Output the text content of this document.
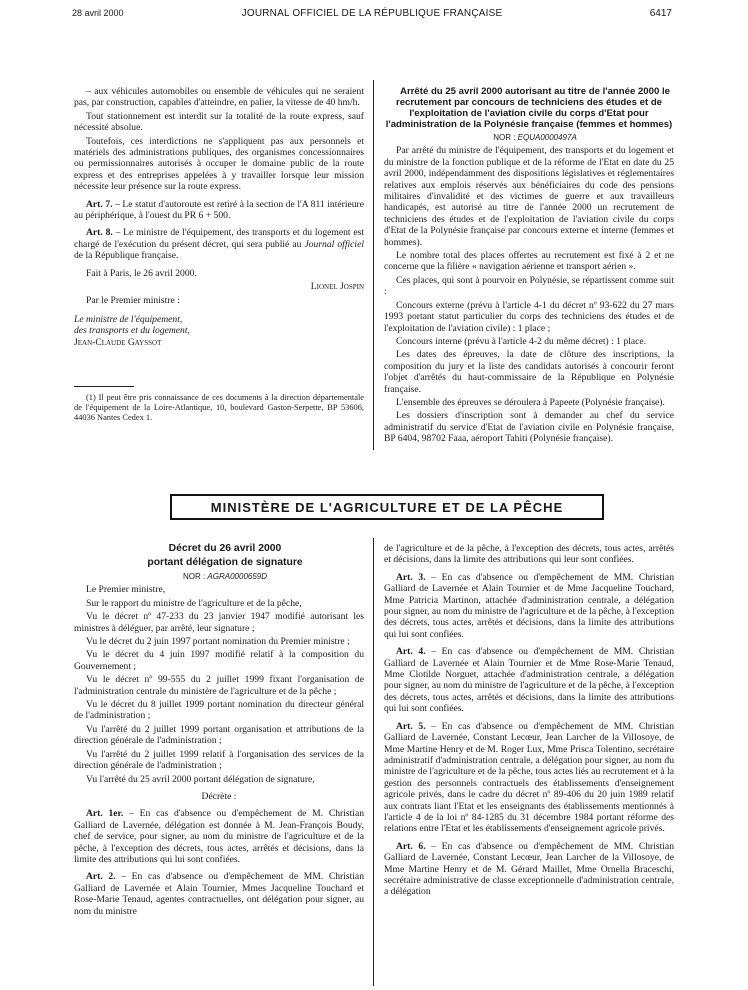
28 avril 2000	JOURNAL OFFICIEL DE LA RÉPUBLIQUE FRANÇAISE	6417

– aux véhicules automobiles ou ensemble de véhicules qui ne seraient pas, par construction, capables d'atteindre, en palier, la vitesse de 40 hm/h.

Tout stationnement est interdit sur la totalité de la route express, sauf nécessité absolue.

Toutefois, ces interdictions ne s'appliquent pas aux personnels et matériels des administrations publiques, des organismes concessionnaires ou permissionnaires autorisés à occuper le domaine public de la route express et des entreprises appelées à y travailler lorsque leur mission nécessite leur présence sur la route express.

Art. 7. – Le statut d'autoroute est retiré à la section de l'A 811 intérieure au périphérique, à l'ouest du PR 6 + 500.

Art. 8. – Le ministre de l'équipement, des transports et du logement est chargé de l'exécution du présent décret, qui sera publié au Journal officiel de la République française.

Fait à Paris, le 26 avril 2000.

Lionel Jospin

Par le Premier ministre :

Le ministre de l'équipement,
des transports et du logement,
Jean-Claude Gayssot

(1) Il peut être pris connaissance de ces documents à la direction départementale de l'équipement de la Loire-Atlantique, 10, boulevard Gaston-Serpette, BP 53606, 44036 Nantes Cedex 1.

Arrêté du 25 avril 2000 autorisant au titre de l'année 2000 le recrutement par concours de techniciens des études et de l'exploitation de l'aviation civile du corps d'Etat pour l'administration de la Polynésie française (femmes et hommes)

NOR : EQUA0000497A

Par arrêté du ministre de l'équipement, des transports et du logement et du ministre de la fonction publique et de la réforme de l'Etat en date du 25 avril 2000, indépendamment des dispositions législatives et réglementaires relatives aux emplois réservés aux bénéficiaires du code des pensions militaires d'invalidité et des victimes de guerre et aux travailleurs handicapés, est autorisé au titre de l'année 2000 un recrutement de techniciens des études et de l'exploitation de l'aviation civile du corps d'Etat de la Polynésie française par concours externe et interne (femmes et hommes).

Le nombre total des places offertes au recrutement est fixé à 2 et ne concerne que la filière « navigation aérienne et transport aérien ».

Ces places, qui sont à pourvoir en Polynésie, se répartissent comme suit :

Concours externe (prévu à l'article 4-1 du décret nº 93-622 du 27 mars 1993 portant statut particulier du corps des techniciens des études et de l'exploitation de l'aviation civile) : 1 place ;

Concours interne (prévu à l'article 4-2 du même décret) : 1 place.

Les dates des épreuves, la date de clôture des inscriptions, la composition du jury et la liste des candidats autorisés à concourir feront l'objet d'arrêtés du haut-commissaire de la République en Polynésie française.

L'ensemble des épreuves se déroulera à Papeete (Polynésie française).

Les dossiers d'inscription sont à demander au chef du service administratif du service d'Etat de l'aviation civile en Polynésie française, BP 6404, 98702 Faaa, aéroport Tahiti (Polynésie française).

MINISTÈRE DE L'AGRICULTURE ET DE LA PÊCHE

Décret du 26 avril 2000

portant délégation de signature

NOR : AGRA0000659D

Le Premier ministre,

Sur le rapport du ministre de l'agriculture et de la pêche,

Vu le décret nº 47-233 du 23 janvier 1947 modifié autorisant les ministres à déléguer, par arrêté, leur signature ;

Vu le décret du 2 juin 1997 portant nomination du Premier ministre ;

Vu le décret du 4 juin 1997 modifié relatif à la composition du Gouvernement ;

Vu le décret nº 99-555 du 2 juillet 1999 fixant l'organisation de l'administration centrale du ministère de l'agriculture et de la pêche ;

Vu le décret du 8 juillet 1999 portant nomination du directeur général de l'administration ;

Vu l'arrêté du 2 juillet 1999 portant organisation et attributions de la direction générale de l'administration ;

Vu l'arrêté du 2 juillet 1999 relatif à l'organisation des services de la direction générale de l'administration ;

Vu l'arrêté du 25 avril 2000 portant délégation de signature,

Décrète :

Art. 1er. – En cas d'absence ou d'empêchement de M. Christian Galliard de Lavernée, délégation est donnée à M. Jean-François Boudy, chef de service, pour signer, au nom du ministre de l'agriculture et de la pêche, à l'exception des décrets, tous actes, arrêtés et décisions, dans la limite des attributions qui lui sont confiées.

Art. 2. – En cas d'absence ou d'empêchement de MM. Christian Galliard de Lavernée et Alain Tournier, Mmes Jacqueline Touchard et Rose-Marie Tenaud, agentes contractuelles, ont délégation pour signer, au nom du ministre

de l'agriculture et de la pêche, à l'exception des décrets, tous actes, arrêtés et décisions, dans la limite des attributions qui leur sont confiées.

Art. 3. – En cas d'absence ou d'empêchement de MM. Christian Galliard de Lavernée et Alain Tournier et de Mme Jacqueline Touchard, Mme Patricia Martinon, attachée d'administration centrale, a délégation pour signer, au nom du ministre de l'agriculture et de la pêche, à l'exception des décrets, tous actes, arrêtés et décisions, dans la limite des attributions qui lui sont confiées.

Art. 4. – En cas d'absence ou d'empêchement de MM. Christian Galliard de Lavernée et Alain Tournier et de Mme Rose-Marie Tenaud, Mme Clotilde Norguet, attachée d'administration centrale, a délégation pour signer, au nom du ministre de l'agriculture et de la pêche, à l'exception des décrets, tous actes, arrêtés et décisions, dans la limite des attributions qui lui sont confiées.

Art. 5. – En cas d'absence ou d'empêchement de MM. Christian Galliard de Lavernée, Constant Lecœur, Jean Larcher de la Villosoye, de Mme Martine Henry et de M. Roger Lux, Mme Prisca Tolentino, secrétaire administratif d'administration centrale, a délégation pour signer, au nom du ministre de l'agriculture et de la pêche, tous actes liés au recrutement et à la gestion des personnels contractuels des établissements d'enseignement agricole privés, dans le cadre du décret nº 89-406 du 20 juin 1989 relatif aux contrats liant l'Etat et les enseignants des établissements mentionnés à l'article 4 de la loi nº 84-1285 du 31 décembre 1984 portant réforme des relations entre l'Etat et les établissements d'enseignement agricole privés.

Art. 6. – En cas d'absence ou d'empêchement de MM. Christian Galliard de Lavernée, Constant Lecœur, Jean Larcher de la Villosoye, de Mme Martine Henry et de M. Gérard Maillet, Mme Ornella Braceschi, secrétaire administrative de classe exceptionnelle d'administration centrale, a délégation
